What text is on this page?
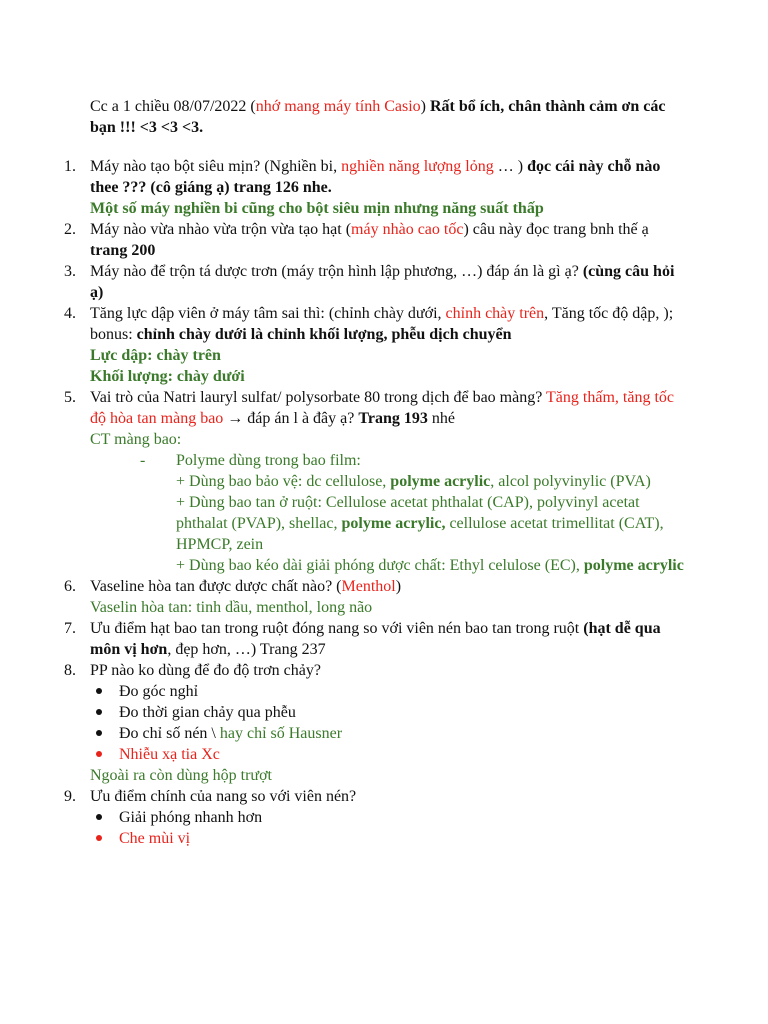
Cc a 1 chiều 08/07/2022 (nhớ mang máy tính Casio) Rất bổ ích, chân thành cảm ơn các bạn !!! <3 <3 <3.
1. Máy nào tạo bột siêu mịn? (Nghiền bi, nghiền năng lượng lỏng … ) đọc cái này chỗ nào thee ??? (cô giáng ạ) trang 126 nhe.
Một số máy nghiền bi cũng cho bột siêu mịn nhưng năng suất thấp
2. Máy nào vừa nhào vừa trộn vừa tạo hạt (máy nhào cao tốc) câu này đọc trang bnh thế ạ trang 200
3. Máy nào để trộn tá dược trơn (máy trộn hình lập phương, …) đáp án là gì ạ? (cùng câu hỏi ạ)
4. Tăng lực dập viên ở máy tâm sai thì: (chỉnh chày dưới, chỉnh chày trên, Tăng tốc độ dập, );
bonus: chỉnh chày dưới là chỉnh khối lượng, phễu dịch chuyển
Lực dập: chày trên
Khối lượng: chày dưới
5. Vai trò của Natri lauryl sulfat/ polysorbate 80 trong dịch để bao màng? Tăng thấm, tăng tốc độ hòa tan màng bao → đáp án l à đây ạ? Trang 193 nhé
CT màng bao:
- Polyme dùng trong bao film:
+ Dùng bao bảo vệ: dc cellulose, polyme acrylic, alcol polyvinylic (PVA)
+ Dùng bao tan ở ruột: Cellulose acetat phthalat (CAP), polyvinyl acetat phthalat (PVAP), shellac, polyme acrylic, cellulose acetat trimellitat (CAT), HPMCP, zein
+ Dùng bao kéo dài giải phóng dược chất: Ethyl celulose (EC), polyme acrylic
6. Vaseline hòa tan được dược chất nào? (Menthol)
Vaselin hòa tan: tinh dầu, menthol, long não
7. Ưu điểm hạt bao tan trong ruột đóng nang so với viên nén bao tan trong ruột (hạt dễ qua môn vị hơn, đẹp hơn, …) Trang 237
8. PP nào ko dùng để đo độ trơn chảy?
Đo góc nghỉ
Đo thời gian chảy qua phễu
Đo chỉ số nén \ hay chỉ số Hausner
Nhiễu xạ tia Xc
Ngoài ra còn dùng hộp trượt
9. Ưu điểm chính của nang so với viên nén?
Giải phóng nhanh hơn
Che mùi vị
